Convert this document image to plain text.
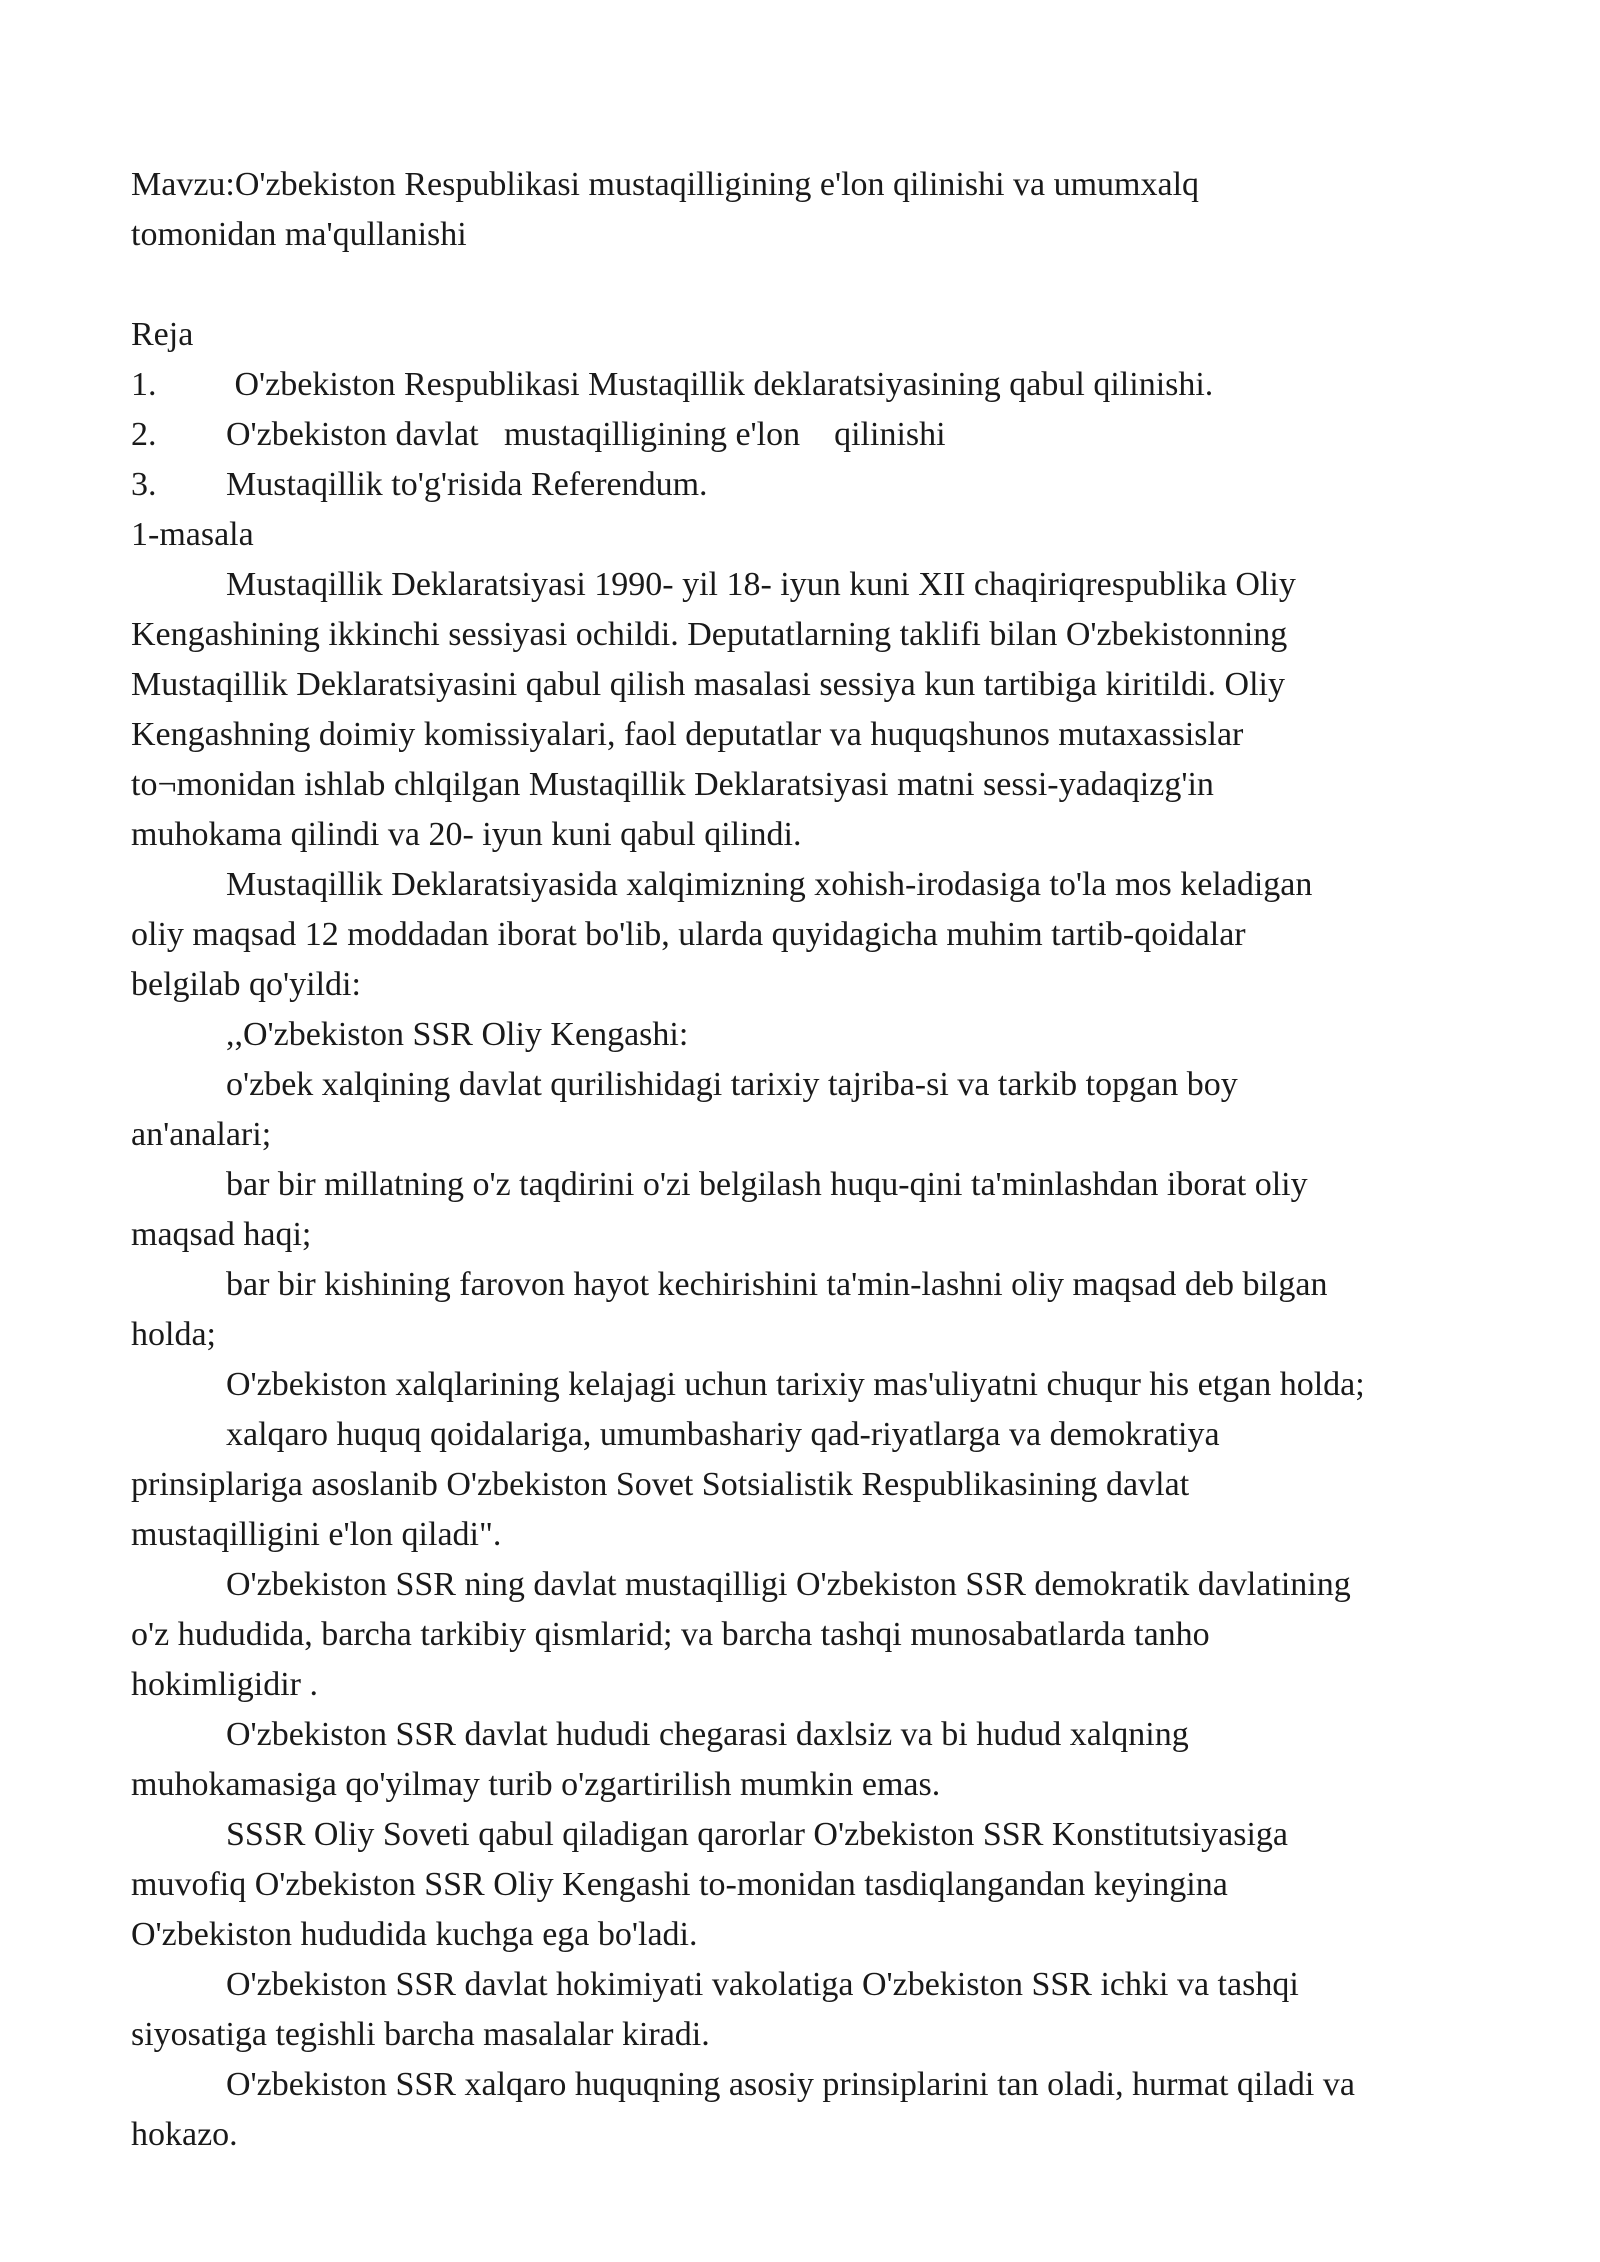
Mavzu:O'zbekiston Respublikasi mustaqilligining e'lon qilinishi va umumxalq
tomonidan ma'qullanishi
Reja
1.	O'zbekiston Respublikasi Mustaqillik deklaratsiyasining qabul qilinishi.
2.	O'zbekiston davlat   mustaqilligining e'lon    qilinishi
3.	Mustaqillik to'g'risida Referendum.
1-masala
Mustaqillik Deklaratsiyasi 1990- yil 18- iyun kuni XII chaqiriqrespublika Oliy
Kengashining ikkinchi sessiyasi ochildi. Deputatlarning taklifi bilan O'zbekistonning
Mustaqillik Deklaratsiyasini qabul qilish masalasi sessiya kun tartibiga kiritildi. Oliy
Kengashning doimiy komissiyalari, faol deputatlar va huquqshunos mutaxassislar
to¬monidan ishlab chlqilgan Mustaqillik Deklaratsiyasi matni sessi-yadaqizg'in
muhokama qilindi va 20- iyun kuni qabul qilindi.
Mustaqillik Deklaratsiyasida xalqimizning xohish-irodasiga to'la mos keladigan
oliy maqsad 12 moddadan iborat bo'lib, ularda quyidagicha muhim tartib-qoidalar
belgilab qo'yildi:
,,O'zbekiston SSR Oliy Kengashi:
o'zbek xalqining davlat qurilishidagi tarixiy tajriba-si va tarkib topgan boy
an'analari;
bar bir millatning o'z taqdirini o'zi belgilash huqu-qini ta'minlashdan iborat oliy
maqsad haqi;
bar bir kishining farovon hayot kechirishini ta'min-lashni oliy maqsad deb bilgan
holda;
O'zbekiston xalqlarining kelajagi uchun tarixiy mas'uliyatni chuqur his etgan holda;
xalqaro huquq qoidalariga, umumbashariy qad-riyatlarga va demokratiya
prinsiplariga asoslanib O'zbekiston Sovet Sotsialistik Respublikasining davlat
mustaqilligini e'lon qiladi".
O'zbekiston SSR ning davlat mustaqilligi O'zbekiston SSR demokratik davlatining
o'z hududida, barcha tarkibiy qismlarid; va barcha tashqi munosabatlarda tanho
hokimligidir .
O'zbekiston SSR davlat hududi chegarasi daxlsiz va bi hudud xalqning
muhokamasiga qo'yilmay turib o'zgartirilish mumkin emas.
SSSR Oliy Soveti qabul qiladigan qarorlar O'zbekiston SSR Konstitutsiyasiga
muvofiq O'zbekiston SSR Oliy Kengashi to-monidan tasdiqlangandan keyingina
O'zbekiston hududida kuchga ega bo'ladi.
O'zbekiston SSR davlat hokimiyati vakolatiga O'zbekiston SSR ichki va tashqi
siyosatiga tegishli barcha masalalar kiradi.
O'zbekiston SSR xalqaro huquqning asosiy prinsiplarini tan oladi, hurmat qiladi va
hokazo.
